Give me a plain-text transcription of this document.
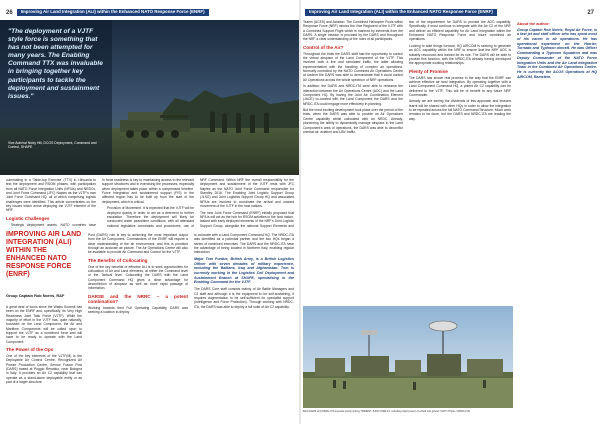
26	Improving Air Land Integration (ALI) within the Enhanced NATO Response Force (ENRF)
"The deployment of a VJTF style force is something that has not been attempted for many years. The Enabling Command TTX was invaluable in bringing together key participants to tackle the deployment and sustainment issues."
Vice Admiral Nicky Hill, DCOS Deployment, Command and Control, SHAPE

culminating in a 'Table-top Exercise' (TTX) in Lithuania to test the deployment and RSOM phases, with participation from all NATO Force Integration Units (NFIUs) and NRDCs, and Joint Force Command (JFC) Naples as the VJTF's own Joint Force Command HQ, all of which comprising logistic challenges were identified. This article concentrates on the key issues which arose deploying the VJTF element of the NRF.

Logistic Challenges
• Strategic deployment assets. NATO countries have

In force readiness is key to maintaining access to the relevant support structures and in exercising the processes, especially when deployment takes place within a compressed timeline. Force Integration and sustainment support (FIS) in the affected region has to be built up from the start of the deployment, which is critical.

• Provision of Movement. It is expected that the VJTF will be deployed quickly in order to act as a deterrent to further escalation. Therefore the deployment will likely be conducted under peacetime conditions, with all attendant national legislative constraints and procedures, use of

NRF Command. Within NRF the overall responsibility for the deployment and sustainment of the VJTF rests with JFC Naples as the NATO Joint Force Command responsible for Standby 2016. The Enabling Joint Logistic Support Group (JLSG) and Joint Logistics Support Group HQ and associated NFIUs are involved to coordinate the arrival and onward movement of the VJTF in the host nations.

The new Joint Force Command (ENRF) initially proposed that NFIUs will act as the hub for RSOM activities in the host nation, tasked with early deployed elements of the NRF's Joint Logistic Support Group, alongside the national Support Elements and

IMPROVING AIR LAND INTEGRATION (ALI) WITHIN THE ENHANCED NATO RESPONSE FORCE (ENRF)
Group Captain Rob Norris, RAF

A great deal of focus since the Wales Summit has been on the ENRF and, specifically, its Very High Readiness Joint Task Force (VJTF). While the majority of effort in the VJTF has, quite naturally, focussed on the Land Component, the Air and Maritime Components will be called upon to support the VJTF as a combined force and will have to be ready to operate with the Land Component.

The Power of the Ops

One of the key elements of the VJTF(M) is the Deployable Air Control Centre, Recognized Air Picture Production Centre, Sensor Fusion Post (DARS) based at Poggio Renatico, near Bologna in Italy. It provides an Air C2 capability that can operate as a stand-alone deployable entity or as part of a larger structure.

Post (DARS) role is key to achieving the most important output from the Air Component. Commanders of the ENRF will require a clear understanding of the air environment, and this is provided through an accurate air picture. The Air Operations Centre will also be available to provide Air Command and Control for the VJTF.

The Benefits of Collocating

One of the key benefits of effective ALI is to seek opportunities for collocation of Air and Land elements, at either the Command level or the Tactical level. Collocating the DARS with the Land Component Command HQ gives a clear advantage for deconfliction of airspace as well as more rapid passage of information.

DARSE and the NRRC – a potent combination?

Working towards their Full Operating Capability, DARS was seeking a location to deploy

to collocate with a Land Component Command HQ. The NRDC-ITA was identified as a potential partner and the two HQs began a series of combined exercises. The DARS and the NRDC-ITA have the advantage of being located in Northern Italy, enabling regular interaction.

Major Tom Purdue, British Army, is a British Logistics Officer with seven decades of military experience, including the Balkans, Iraq and Afghanistan. Tom is currently working in the Logistics Cell Deployment and Sustainment Branch at SHAPE, specialising in the Enabling Command for the VJTF.

The DARS Core staff consists mainly of Air Battle Managers and C2 staff and although it is the equipment to be self-sustaining, it requires augmentation to be self-sufficient for specialist support (Intelligence and Force Protection). Through working with NRDC-ITA, the DARS was able to deploy a full suite of Air C2 capability.

Improving Air Land Integration (ALI) within the Enhanced NATO Response Force (ENRF)	27

Teams (ACES) and Aviation. The Combined Helicopter Pools within Response Force (NRF) mimics the Vice Regiment of the VJTF with a Combined Support Flight which is manned by elements from the DARS. A single mission is provided by the DARS and throughout the NRF a clear understanding of the roles of all participants.

Control of the Air?

Throughout the trials the DARS staff had the opportunity to control the virtual airspace of the Land Component of the VJTF. This involved both a live and simulated traffic, the latter allowing experimentation with the handling of complex air operations. Normally controlled by the NATO Combined Air Operations Centre at Uedem the DARS was able to demonstrate that it could control Air Operations across the whole spectrum of NRF operations.

In addition, the DARS and NRDC-ITA were able to rehearse the interaction between the Air Operations Centre (AOC) and the Land Component HQ. By having the Joint Air Coordination Element (JACE) co-located with the Land Component the DARS and the NRDC-ITA could engage more effectively in planning.

But the most exciting development took place over the period of the trials, when the DARS was able to provide an Air Operations Centre capability whilst collocated with an NRDC. Already, pioneering the ability to dynamically manage airspace in the Land Component's area of operations, the DARS was able to deconflict combat air, aviation and UAV traffic.

tion of the requirement for DARS to provide the AOC capability. Specifically, it must continue to integrate with the Air C2 of the NRF and deliver an efficient capability for Air Land Integration within the Enhanced NATO Response Force and future combined air operations.

Looking to take things forward, HQ AIRCOM is seeking to generate an ACC capability within the NRF to ensure that the NRF AOC is suitably resourced and trained for its role. The DARS will be able to provide this function, with the NRDC-ITA already having developed the appropriate working relationships.

Plenty of Promise

The DARS has shown real promise in the way that the ENRF can achieve effective air land integration. By operating together with a Land Component Command HQ, a potent Air C2 capability can be delivered to the VJTF. This will be of benefit to any future NRF Commander.

Already we are seeing the dividends of this approach and lessons learnt will be shared with other HQs in order to allow the integration to be repeated across the full NATO Command Structure. Much work remains to be done, but the DARS and NRDC-ITA are leading the way.

About the author:

Group Captain Rob Norris, Royal Air Force, is a fast jet and staff officer who has spent most of his career in air operations. He has operational experience on the Harrier, Tornado and Typhoon aircraft. He was Officer Commanding a Typhoon Squadron and was Deputy Commander of the NATO Force Integration Units and the Air Land Integration Team in the Combined Air Operations Centre. He is currently the ACOS Operations at HQ AIRCOM, Ramstein.

Both DARS and NRDC-ITA exercise jointly during TRIDENT JUNCTURE 15, including deployment of a field site (photo: NATO Photo / NRDC-ITA)
